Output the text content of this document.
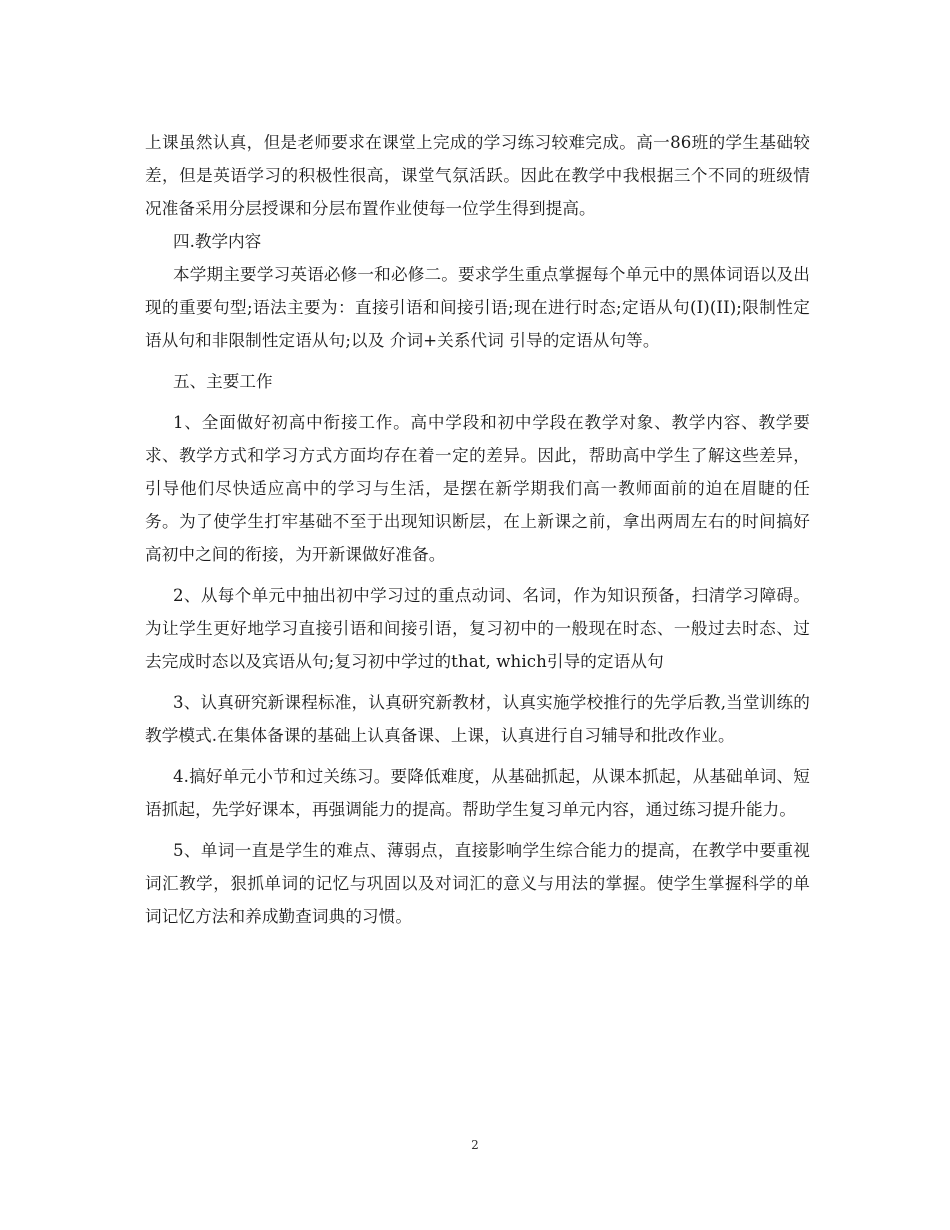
上课虽然认真，但是老师要求在课堂上完成的学习练习较难完成。高一86班的学生基础较差，但是英语学习的积极性很高，课堂气氛活跃。因此在教学中我根据三个不同的班级情况准备采用分层授课和分层布置作业使每一位学生得到提高。

四.教学内容

本学期主要学习英语必修一和必修二。要求学生重点掌握每个单元中的黑体词语以及出现的重要句型;语法主要为：直接引语和间接引语;现在进行时态;定语从句(I)(II);限制性定语从句和非限制性定语从句;以及 介词+关系代词 引导的定语从句等。

五、主要工作

1、全面做好初高中衔接工作。高中学段和初中学段在教学对象、教学内容、教学要求、教学方式和学习方式方面均存在着一定的差异。因此，帮助高中学生了解这些差异，引导他们尽快适应高中的学习与生活，是摆在新学期我们高一教师面前的迫在眉睫的任务。为了使学生打牢基础不至于出现知识断层，在上新课之前，拿出两周左右的时间搞好高初中之间的衔接，为开新课做好准备。

2、从每个单元中抽出初中学习过的重点动词、名词，作为知识预备，扫清学习障碍。为让学生更好地学习直接引语和间接引语，复习初中的一般现在时态、一般过去时态、过去完成时态以及宾语从句;复习初中学过的that, which引导的定语从句

3、认真研究新课程标准，认真研究新教材，认真实施学校推行的先学后教,当堂训练的教学模式.在集体备课的基础上认真备课、上课，认真进行自习辅导和批改作业。

4.搞好单元小节和过关练习。要降低难度，从基础抓起，从课本抓起，从基础单词、短语抓起，先学好课本，再强调能力的提高。帮助学生复习单元内容，通过练习提升能力。

5、单词一直是学生的难点、薄弱点，直接影响学生综合能力的提高，在教学中要重视词汇教学，狠抓单词的记忆与巩固以及对词汇的意义与用法的掌握。使学生掌握科学的单词记忆方法和养成勤查词典的习惯。

2
